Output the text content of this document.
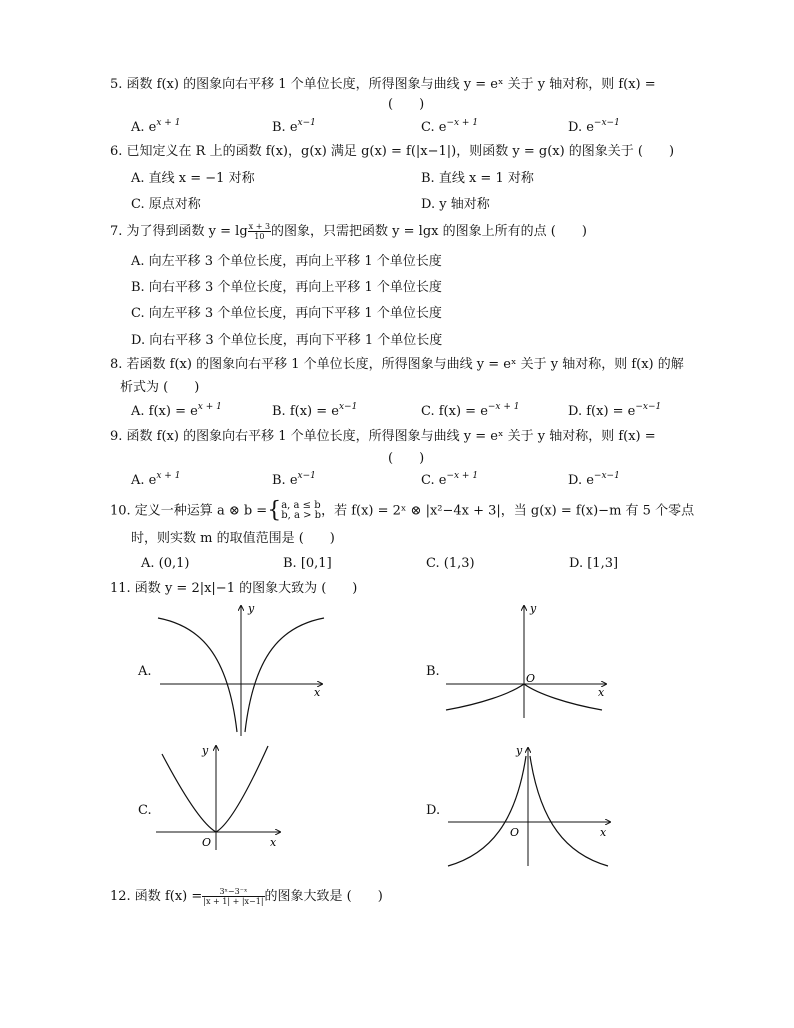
5. 函数 f(x) 的图象向右平移 1 个单位长度，所得图象与曲线 y = eˣ 关于 y 轴对称，则 f(x) =
(　　)
A. $e^{x + 1}$	B. $e^{x-1}$	C. $e^{-x + 1}$	D. $e^{-x-1}$
6. 已知定义在 R 上的函数 f(x)，g(x) 满足 g(x) = f(|x−1|)，则函数 y = g(x) 的图象关于 (　　)
A. 直线 x = −1 对称	B. 直线 x = 1 对称
C. 原点对称	D. y 轴对称
7. 为了得到函数 $y = \lg \frac{x + 3}{10}$ 的图象，只需把函数 y = lgx 的图象上所有的点 (　　)
A. 向左平移 3 个单位长度，再向上平移 1 个单位长度
B. 向右平移 3 个单位长度，再向上平移 1 个单位长度
C. 向左平移 3 个单位长度，再向下平移 1 个单位长度
D. 向右平移 3 个单位长度，再向下平移 1 个单位长度
8. 若函数 f(x) 的图象向右平移 1 个单位长度，所得图象与曲线 y = eˣ 关于 y 轴对称，则 f(x) 的解
析式为 (　　)
A. $f(x) = e^{x + 1}$	B. $f(x) = e^{x-1}$	C. $f(x) = e^{-x + 1}$	D. $f(x) = e^{-x-1}$
9. 函数 f(x) 的图象向右平移 1 个单位长度，所得图象与曲线 y = eˣ 关于 y 轴对称，则 f(x) =
(　　)
A. $e^{x + 1}$	B. $e^{x-1}$	C. $e^{-x + 1}$	D. $e^{-x-1}$
10. 定义一种运算 a ⊗ b ={ a, a ≤ b
b, a > b ，若 f(x) = 2ˣ ⊗ |x²−4x + 3|，当 g(x) = f(x)−m 有 5 个零点
时，则实数 m 的取值范围是 (　　)
A. (0,1)	B. [0,1]	C. (1,3)	D. [1,3]
11. 函数 y = 2|x|−1 的图象大致为 (　　)
A.	B.
C.	D.
y
x
y
O
x
y
O	x
y
O	x
12. 函数 $f(x) = \frac{\text{3ˣ−3⁻ˣ}}{|x + 1| + |x-1|}$ 的图象大致是 (　　)
